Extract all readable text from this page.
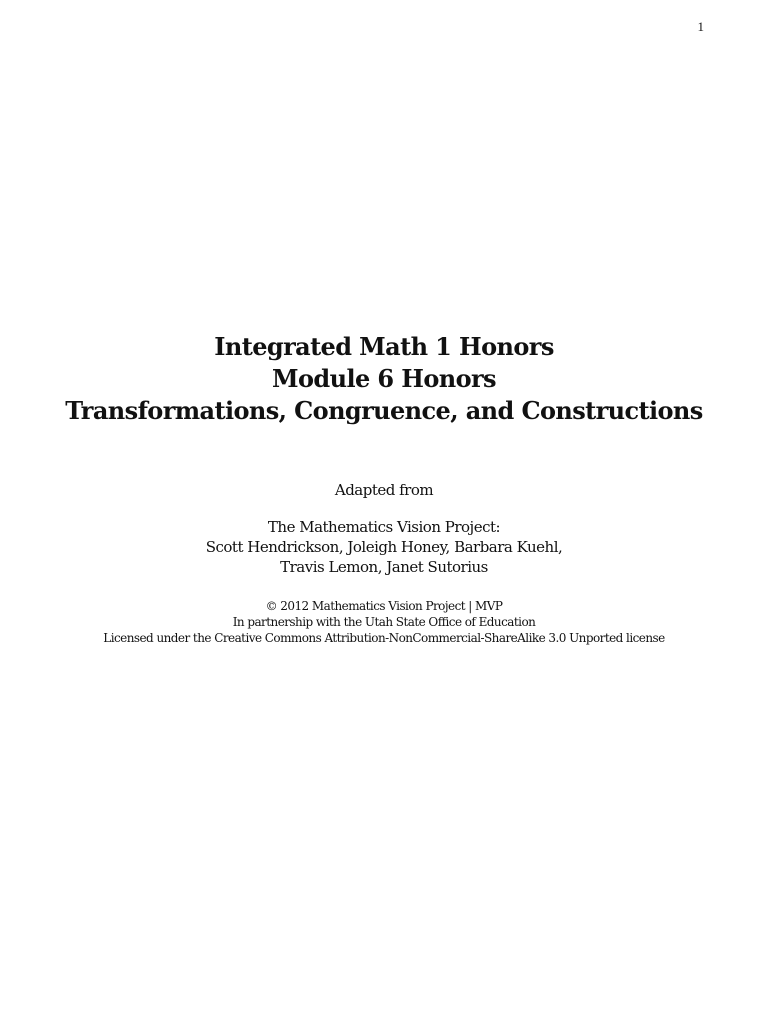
1

Integrated Math 1 Honors

Module 6 Honors

Transformations, Congruence, and Constructions

Adapted from

The Mathematics Vision Project:

Scott Hendrickson, Joleigh Honey, Barbara Kuehl,

Travis Lemon, Janet Sutorius

© 2012 Mathematics Vision Project | MVP

In partnership with the Utah State Office of Education

Licensed under the Creative Commons Attribution-NonCommercial-ShareAlike 3.0 Unported license
